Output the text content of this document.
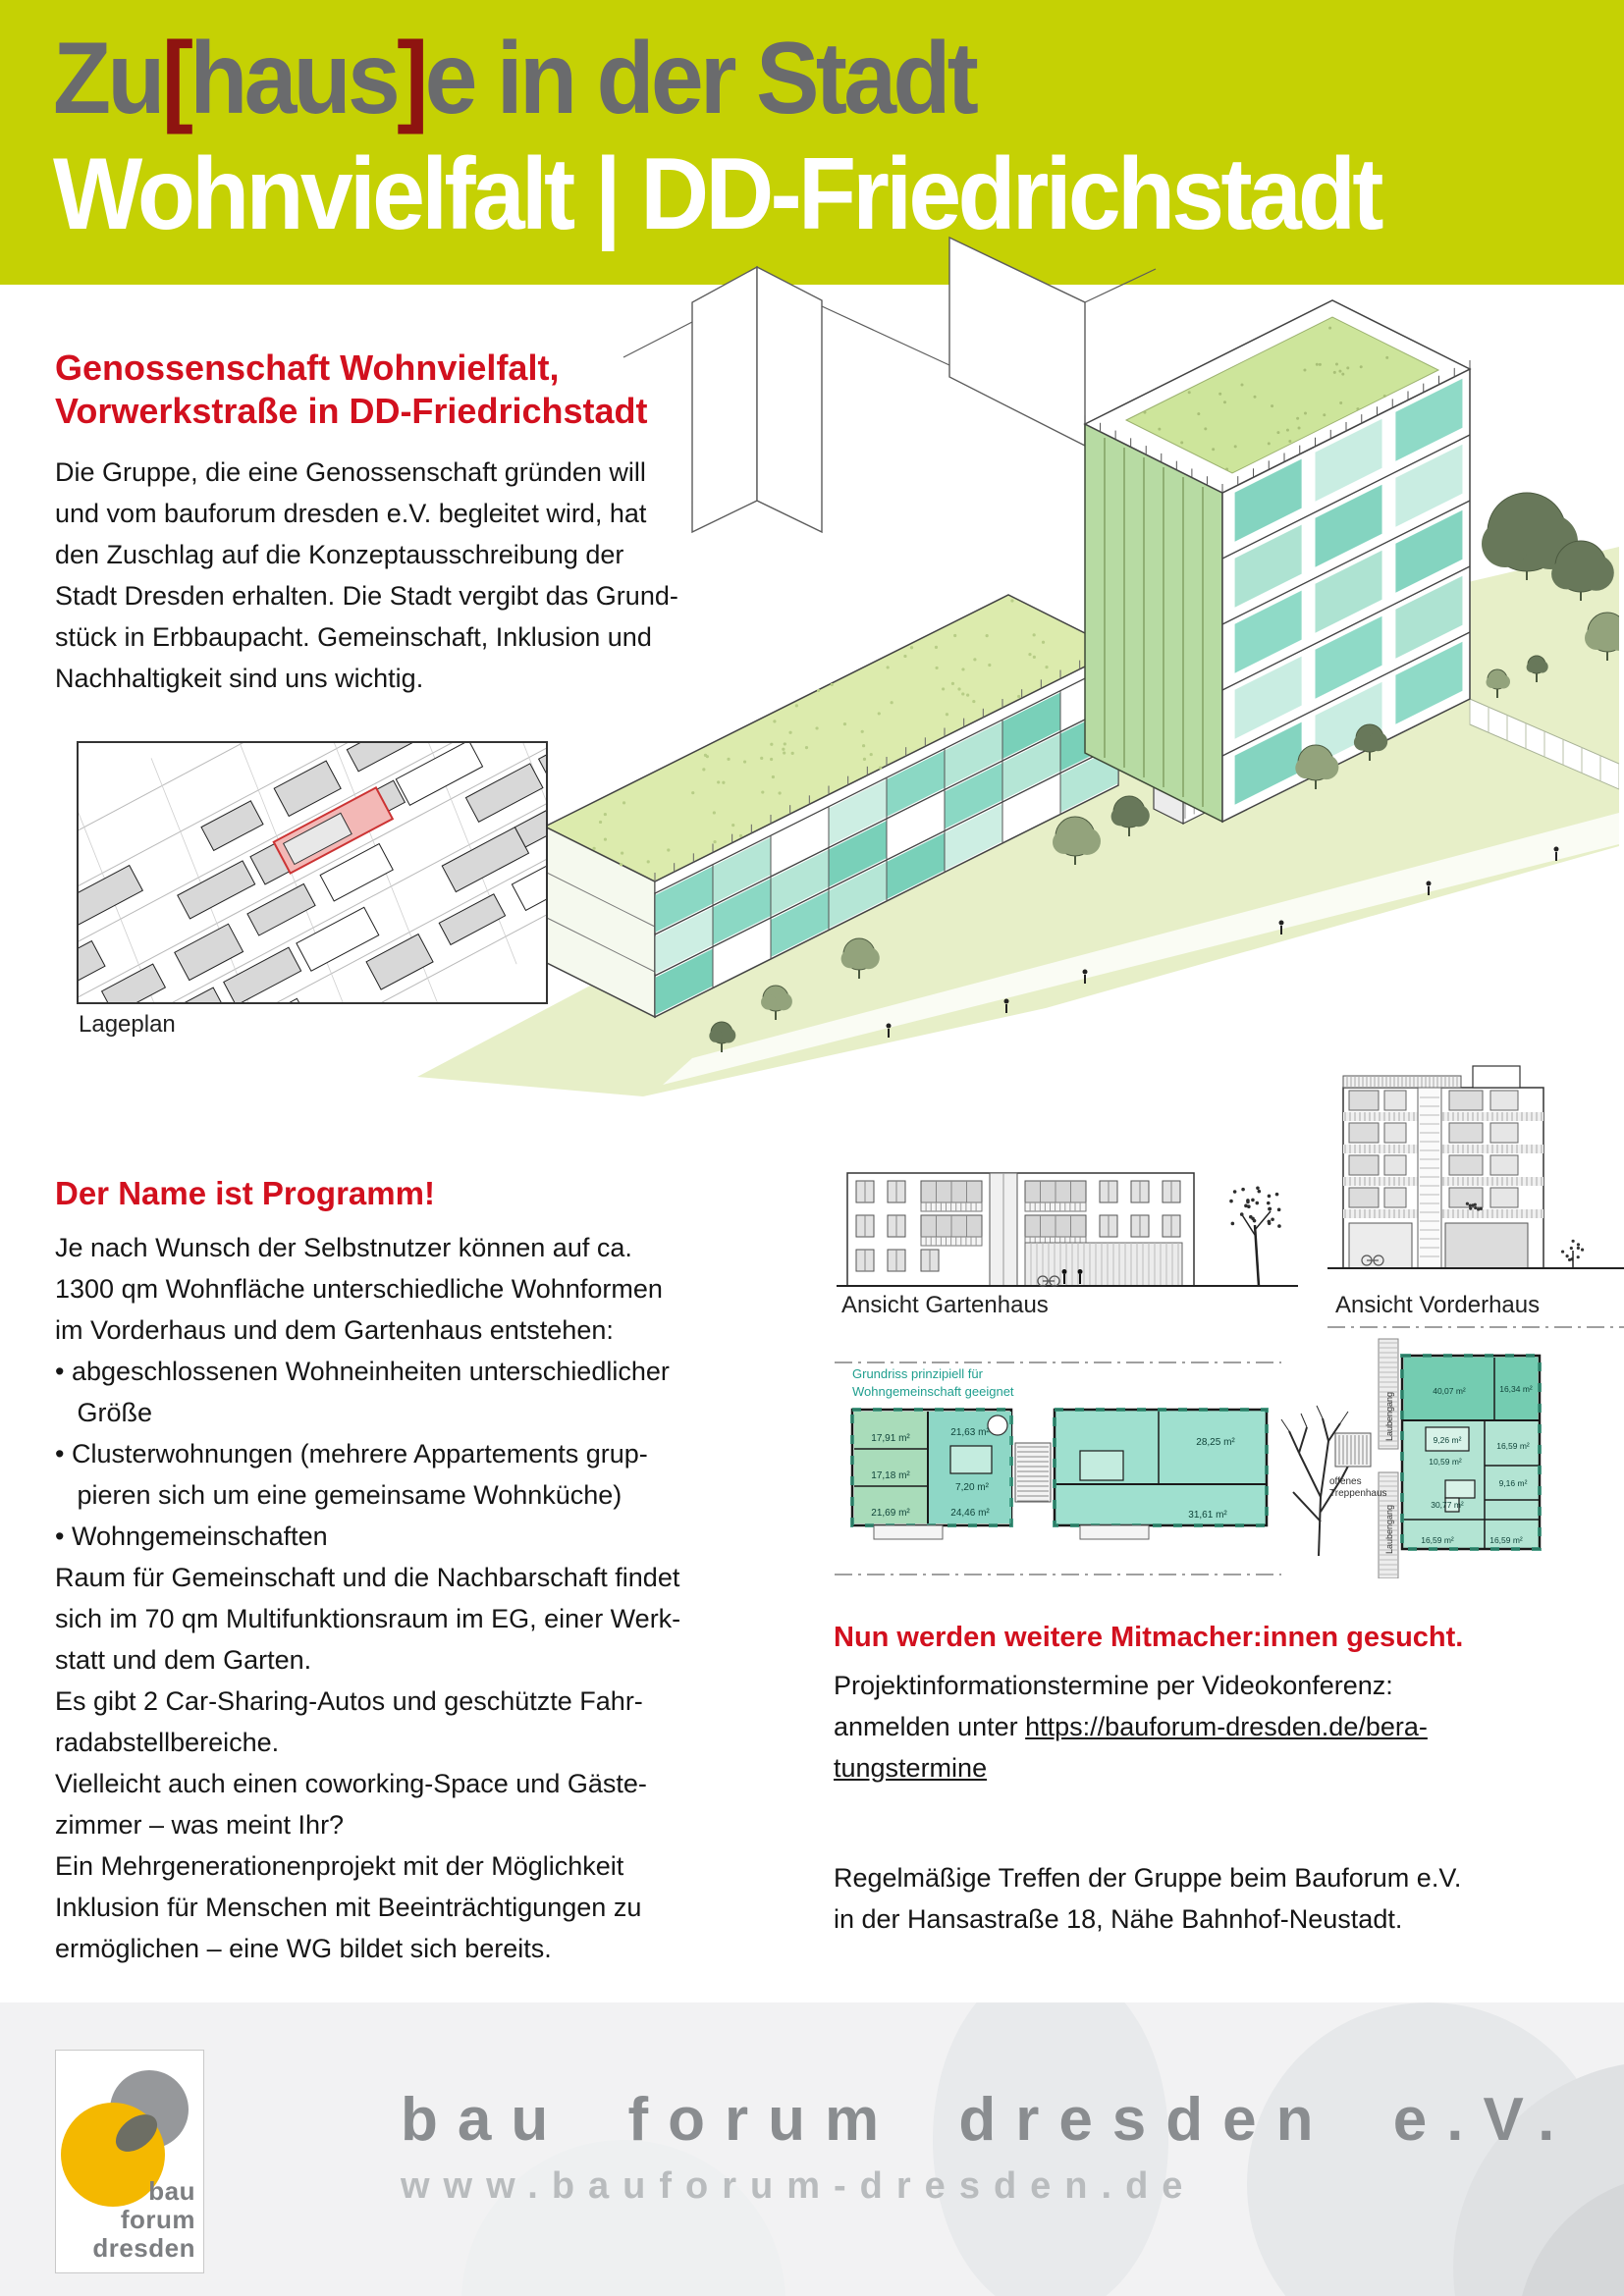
Zu[haus]e in der Stadt
Wohnvielfalt | DD-Friedrichstadt
Genossenschaft Wohnvielfalt,
Vorwerkstraße in DD-Friedrichstadt
Die Gruppe, die eine Genossenschaft gründen will
und vom bauforum dresden e.V. begleitet wird, hat
den Zuschlag auf die Konzeptausschreibung der
Stadt Dresden erhalten. Die Stadt vergibt das Grund-
stück in Erbbaupacht. Gemeinschaft, Inklusion und
Nachhaltigkeit sind uns wichtig.
Lageplan
Der Name ist Programm!
Je nach Wunsch der Selbstnutzer können auf ca.
1300 qm Wohnfläche unterschiedliche Wohnformen
im Vorderhaus und dem Gartenhaus entstehen:
• abgeschlossenen Wohneinheiten unterschiedlicher
Größe
• Clusterwohnungen (mehrere Appartements grup-
pieren sich um eine gemeinsame Wohnküche)
• Wohngemeinschaften
Raum für Gemeinschaft und die Nachbarschaft findet
sich im 70 qm Multifunktionsraum im EG, einer Werk-
statt und dem Garten.
Es gibt 2 Car-Sharing-Autos und geschützte Fahr-
radabstellbereiche.
Vielleicht auch einen coworking-Space und Gäste-
zimmer – was meint Ihr?
Ein Mehrgenerationenprojekt mit der Möglichkeit
Inklusion für Menschen mit Beeinträchtigungen zu
ermöglichen – eine WG bildet sich bereits.
Ansicht Gartenhaus	Ansicht Vorderhaus
Grundriss prinzipiell für
Wohngemeinschaft geeignet
17,91 m²
17,18 m²
21,69 m²
21,63 m²
7,20 m²
24,46 m²
28,25 m²
31,61 m²
offenes
Treppenhaus
Laubengang
Laubengang
40,07 m²	16,34 m²
9,26 m²
10,59 m²
16,59 m²
30,77 m²
9,16 m²
16,59 m²	16,59 m²
Nun werden weitere Mitmacher:innen gesucht.
Projektinformationstermine per Videokonferenz:
anmelden unter https://bauforum-dresden.de/bera-
tungstermine
Regelmäßige Treffen der Gruppe beim Bauforum e.V.
in der Hansastraße 18, Nähe Bahnhof-Neustadt.
bau
forum
dresden
bau forum dresden e.V.
www.bauforum-dresden.de
